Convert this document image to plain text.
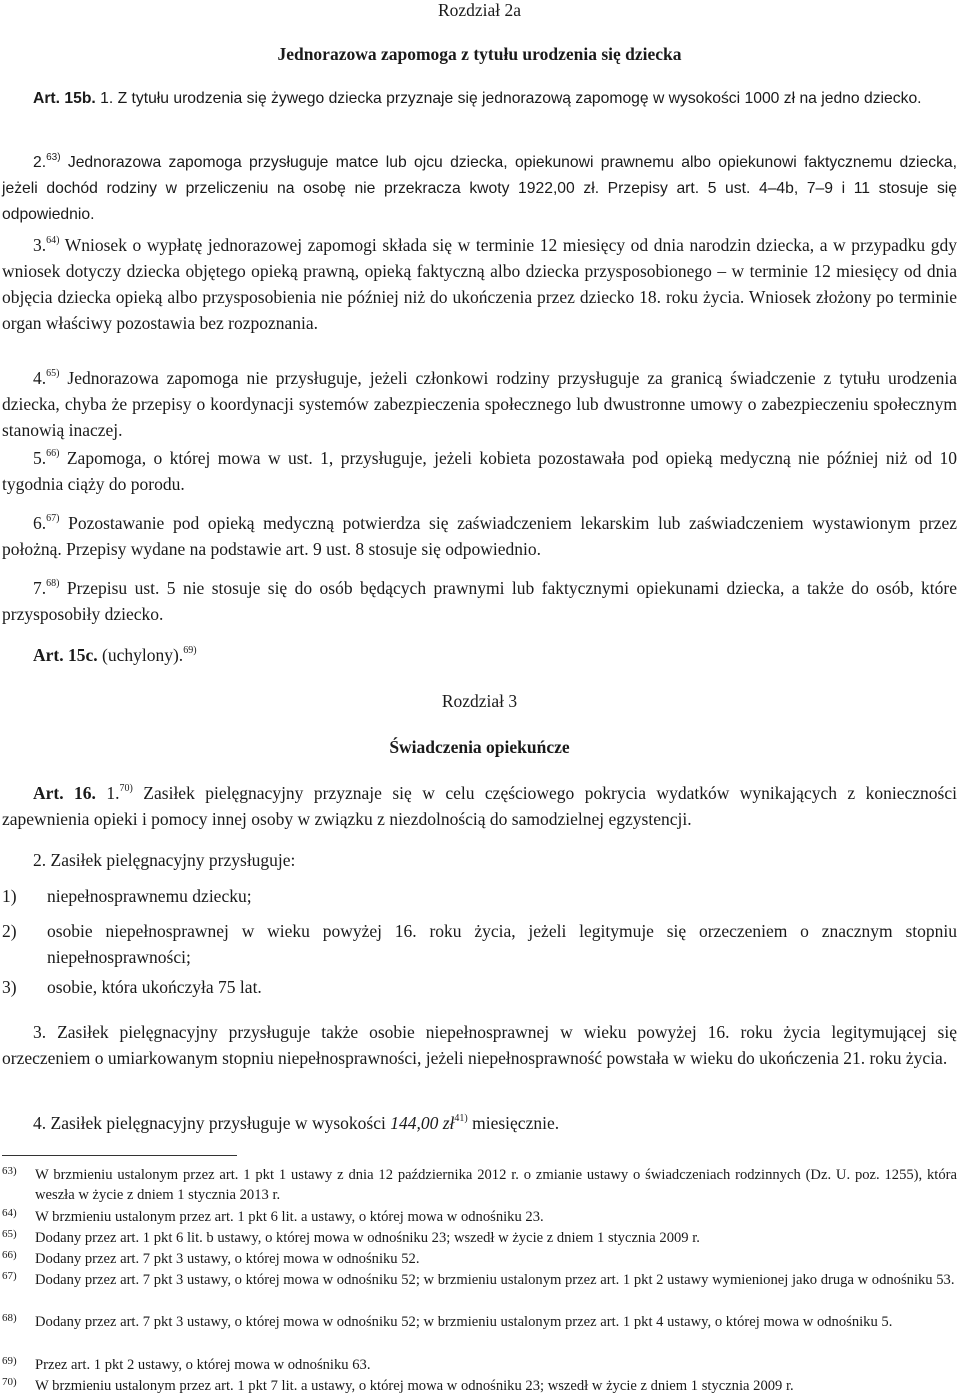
Rozdział 2a
Jednorazowa zapomoga z tytułu urodzenia się dziecka
Art. 15b. 1. Z tytułu urodzenia się żywego dziecka przyznaje się jednorazową zapomogę w wysokości 1000 zł na jedno dziecko.
2.$^{63)}$ Jednorazowa zapomoga przysługuje matce lub ojcu dziecka, opiekunowi prawnemu albo opiekunowi faktycznemu dziecka, jeżeli dochód rodziny w przeliczeniu na osobę nie przekracza kwoty 1922,00 zł. Przepisy art. 5 ust. 4–4b, 7–9 i 11 stosuje się odpowiednio.
3.$^{64)}$ Wniosek o wypłatę jednorazowej zapomogi składa się w terminie 12 miesięcy od dnia narodzin dziecka, a w przypadku gdy wniosek dotyczy dziecka objętego opieką prawną, opieką faktyczną albo dziecka przysposobionego – w terminie 12 miesięcy od dnia objęcia dziecka opieką albo przysposobienia nie później niż do ukończenia przez dziecko 18. roku życia. Wniosek złożony po terminie organ właściwy pozostawia bez rozpoznania.
4.$^{65)}$ Jednorazowa zapomoga nie przysługuje, jeżeli członkowi rodziny przysługuje za granicą świadczenie z tytułu urodzenia dziecka, chyba że przepisy o koordynacji systemów zabezpieczenia społecznego lub dwustronne umowy o zabezpieczeniu społecznym stanowią inaczej.
5.$^{66)}$ Zapomoga, o której mowa w ust. 1, przysługuje, jeżeli kobieta pozostawała pod opieką medyczną nie później niż od 10 tygodnia ciąży do porodu.
6.$^{67)}$ Pozostawanie pod opieką medyczną potwierdza się zaświadczeniem lekarskim lub zaświadczeniem wystawionym przez położną. Przepisy wydane na podstawie art. 9 ust. 8 stosuje się odpowiednio.
7.$^{68)}$ Przepisu ust. 5 nie stosuje się do osób będących prawnymi lub faktycznymi opiekunami dziecka, a także do osób, które przysposobiły dziecko.
Art. 15c. (uchylony).$^{69)}$
Rozdział 3
Świadczenia opiekuńcze
Art. 16. 1.$^{70)}$ Zasiłek pielęgnacyjny przyznaje się w celu częściowego pokrycia wydatków wynikających z konieczności zapewnienia opieki i pomocy innej osoby w związku z niezdolnością do samodzielnej egzystencji.
2. Zasiłek pielęgnacyjny przysługuje:
1) niepełnosprawnemu dziecku;
2) osobie niepełnosprawnej w wieku powyżej 16. roku życia, jeżeli legitymuje się orzeczeniem o znacznym stopniu niepełnosprawności;
3) osobie, która ukończyła 75 lat.
3. Zasiłek pielęgnacyjny przysługuje także osobie niepełnosprawnej w wieku powyżej 16. roku życia legitymującej się orzeczeniem o umiarkowanym stopniu niepełnosprawności, jeżeli niepełnosprawność powstała w wieku do ukończenia 21. roku życia.
4. Zasiłek pielęgnacyjny przysługuje w wysokości 144,00 $zł^{41)}$ miesięcznie.
63) W brzmieniu ustalonym przez art. 1 pkt 1 ustawy z dnia 12 października 2012 r. o zmianie ustawy o świadczeniach rodzinnych (Dz. U. poz. 1255), która weszła w życie z dniem 1 stycznia 2013 r.
64) W brzmieniu ustalonym przez art. 1 pkt 6 lit. a ustawy, o której mowa w odnośniku 23.
65) Dodany przez art. 1 pkt 6 lit. b ustawy, o której mowa w odnośniku 23; wszedł w życie z dniem 1 stycznia 2009 r.
66) Dodany przez art. 7 pkt 3 ustawy, o której mowa w odnośniku 52.
67) Dodany przez art. 7 pkt 3 ustawy, o której mowa w odnośniku 52; w brzmieniu ustalonym przez art. 1 pkt 2 ustawy wymienionej jako druga w odnośniku 53.
68) Dodany przez art. 7 pkt 3 ustawy, o której mowa w odnośniku 52; w brzmieniu ustalonym przez art. 1 pkt 4 ustawy, o której mowa w odnośniku 5.
69) Przez art. 1 pkt 2 ustawy, o której mowa w odnośniku 63.
70) W brzmieniu ustalonym przez art. 1 pkt 7 lit. a ustawy, o której mowa w odnośniku 23; wszedł w życie z dniem 1 stycznia 2009 r.
